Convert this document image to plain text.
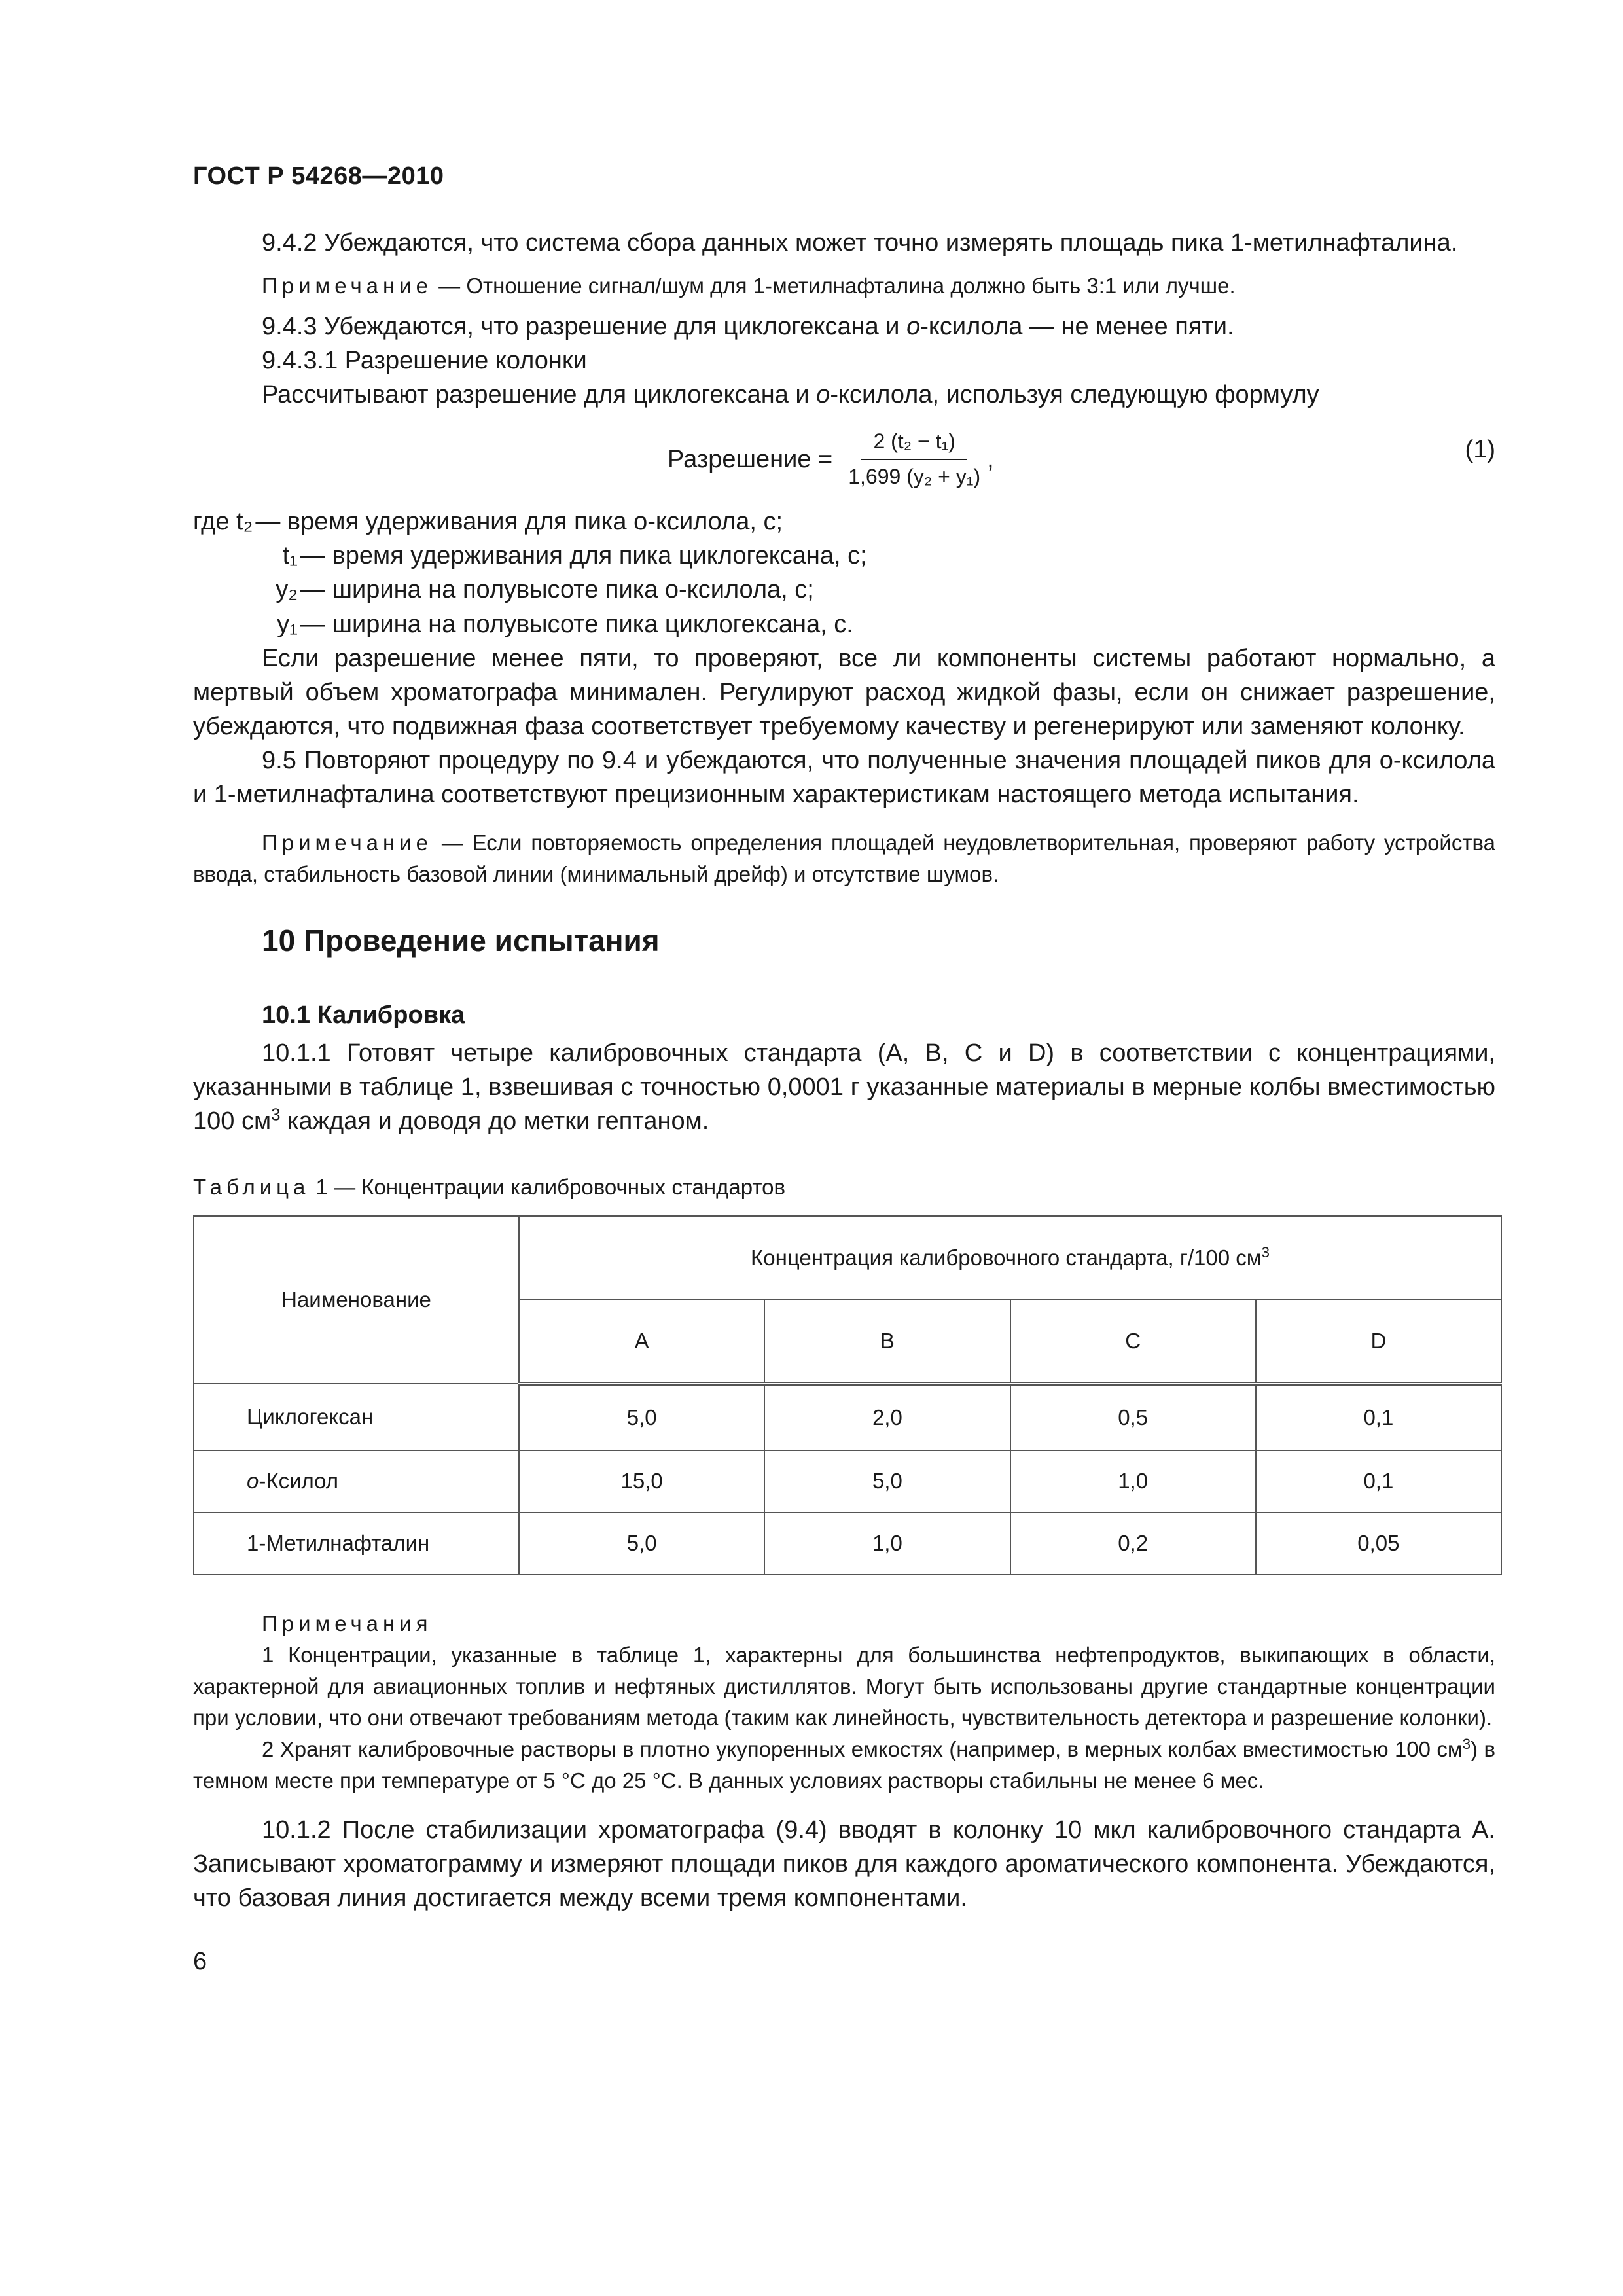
ГОСТ Р 54268—2010

9.4.2 Убеждаются, что система сбора данных может точно измерять площадь пика 1-метилнафталина.

Примечание — Отношение сигнал/шум для 1-метилнафталина должно быть 3:1 или лучше.

9.4.3 Убеждаются, что разрешение для циклогексана и о-ксилола — не менее пяти.

9.4.3.1 Разрешение колонки

Рассчитывают разрешение для циклогексана и о-ксилола, используя следующую формулу

Разрешение = $\frac{\text{2 (t₂ − t₁)}}{\text{1,699 (y₂ + y₁)}}$ ,	(1)
где t₂ — время удерживания для пика о-ксилола, с;
t₁ — время удерживания для пика циклогексана, с;
y₂ — ширина на полувысоте пика о-ксилола, с;
y₁ — ширина на полувысоте пика циклогексана, с.

Если разрешение менее пяти, то проверяют, все ли компоненты системы работают нормально, а мертвый объем хроматографа минимален. Регулируют расход жидкой фазы, если он снижает разрешение, убеждаются, что подвижная фаза соответствует требуемому качеству и регенерируют или заменяют колонку.

9.5 Повторяют процедуру по 9.4 и убеждаются, что полученные значения площадей пиков для о-ксилола и 1-метилнафталина соответствуют прецизионным характеристикам настоящего метода испытания.

Примечание — Если повторяемость определения площадей неудовлетворительная, проверяют работу устройства ввода, стабильность базовой линии (минимальный дрейф) и отсутствие шумов.

10 Проведение испытания
10.1 Калибровка

10.1.1 Готовят четыре калибровочных стандарта (A, B, C и D) в соответствии с концентрациями, указанными в таблице 1, взвешивая с точностью 0,0001 г указанные материалы в мерные колбы вместимостью 100 $см^3$ каждая и доводя до метки гептаном.

Таблица 1 — Концентрации калибровочных стандартов
Наименование	Концентрация калибровочного стандарта, г/100 $см^3$
	A	B	C	D
Циклогексан	5,0	2,0	0,5	0,1
о-Ксилол	15,0	5,0	1,0	0,1
1-Метилнафталин	5,0	1,0	0,2	0,05

Примечания

1 Концентрации, указанные в таблице 1, характерны для большинства нефтепродуктов, выкипающих в области, характерной для авиационных топлив и нефтяных дистиллятов. Могут быть использованы другие стандартные концентрации при условии, что они отвечают требованиям метода (таким как линейность, чувствительность детектора и разрешение колонки).

2 Хранят калибровочные растворы в плотно укупоренных емкостях (например, в мерных колбах вместимостью 100 $см^3$) в темном месте при температуре от 5 °С до 25 °С. В данных условиях растворы стабильны не менее 6 мес.

10.1.2 После стабилизации хроматографа (9.4) вводят в колонку 10 мкл калибровочного стандарта A. Записывают хроматограмму и измеряют площади пиков для каждого ароматического компонента. Убеждаются, что базовая линия достигается между всеми тремя компонентами.

6
